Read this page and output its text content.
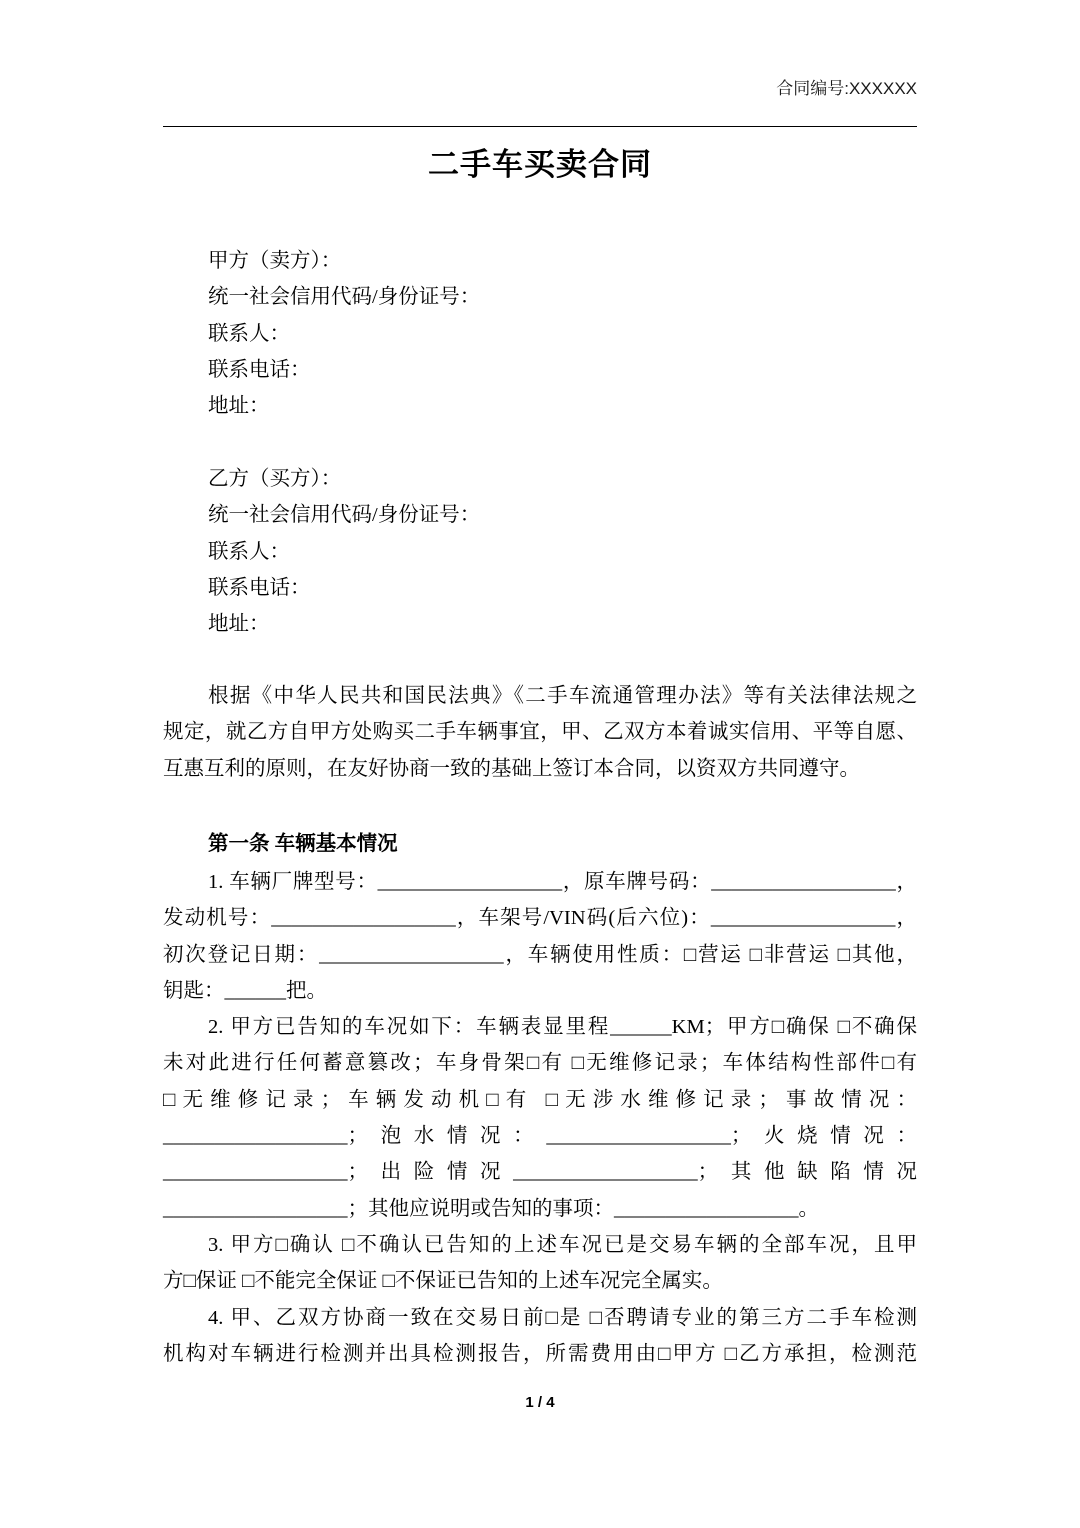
合同编号:XXXXXX
二手车买卖合同
甲方（卖方）：
统一社会信用代码/身份证号：
联系人：
联系电话：
地址：
乙方（买方）：
统一社会信用代码/身份证号：
联系人：
联系电话：
地址：
根据《中华人民共和国民法典》《二手车流通管理办法》等有关法律法规之
规定，就乙方自甲方处购买二手车辆事宜，甲、乙双方本着诚实信用、平等自愿、
互惠互利的原则，在友好协商一致的基础上签订本合同，以资双方共同遵守。
第一条 车辆基本情况
1. 车辆厂牌型号：__________________，原车牌号码：__________________，
发动机号：__________________，车架号/VIN码(后六位)：__________________，
初次登记日期：__________________，车辆使用性质：□营运 □非营运 □其他，
钥匙：______把。
2. 甲方已告知的车况如下：车辆表显里程______KM；甲方□确保 □不确保
未对此进行任何蓄意篡改；车身骨架□有 □无维修记录；车体结构性部件□有
□无维修记录；车辆发动机□有 □无涉水维修记录；事故情况：
__________________；泡水情况：__________________；火烧情况：
__________________；出险情况__________________；其他缺陷情况
__________________；其他应说明或告知的事项：__________________。
3. 甲方□确认 □不确认已告知的上述车况已是交易车辆的全部车况，且甲
方□保证 □不能完全保证 □不保证已告知的上述车况完全属实。
4. 甲、乙双方协商一致在交易日前□是 □否聘请专业的第三方二手车检测
机构对车辆进行检测并出具检测报告，所需费用由□甲方 □乙方承担，检测范
1 / 4
